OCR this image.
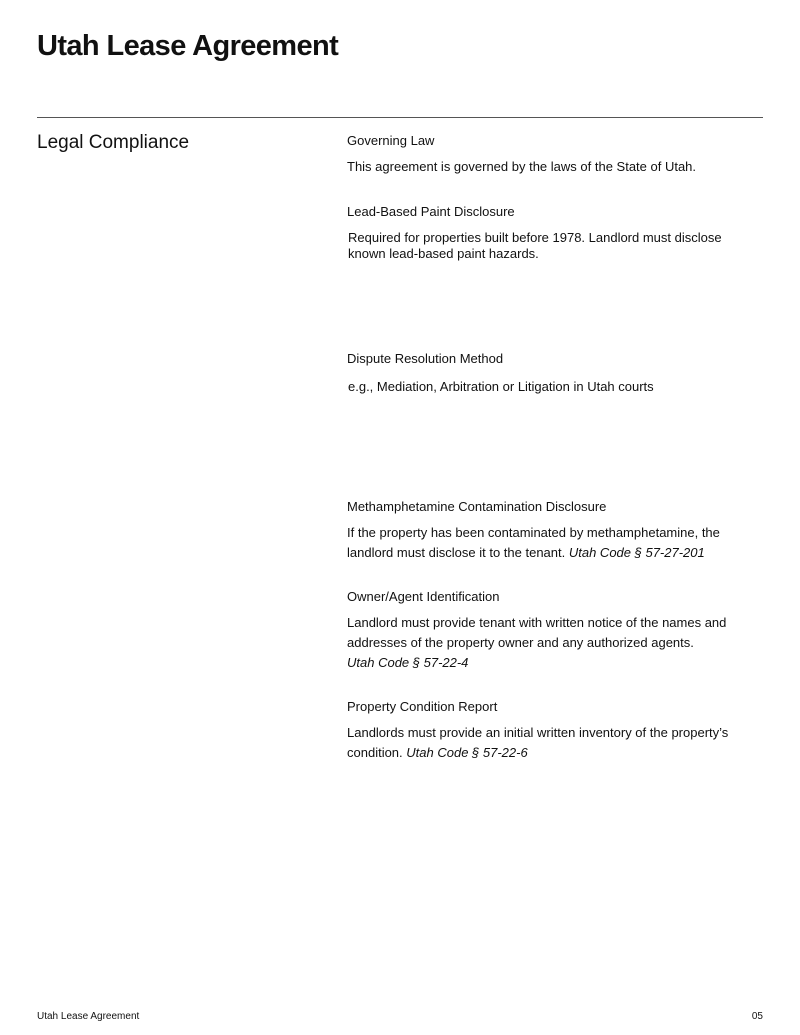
Utah Lease Agreement
Legal Compliance	Governing Law
This agreement is governed by the laws of the State of Utah.
Lead-Based Paint Disclosure
Required for properties built before 1978. Landlord must disclose known lead-based paint hazards.
Dispute Resolution Method
e.g., Mediation, Arbitration or Litigation in Utah courts
Methamphetamine Contamination Disclosure
If the property has been contaminated by methamphetamine, the landlord must disclose it to the tenant. Utah Code § 57-27-201
Owner/Agent Identification
Landlord must provide tenant with written notice of the names and addresses of the property owner and any authorized agents.
Utah Code § 57-22-4
Property Condition Report
Landlords must provide an initial written inventory of the property’s condition. Utah Code § 57-22-6
Utah Lease Agreement	05
